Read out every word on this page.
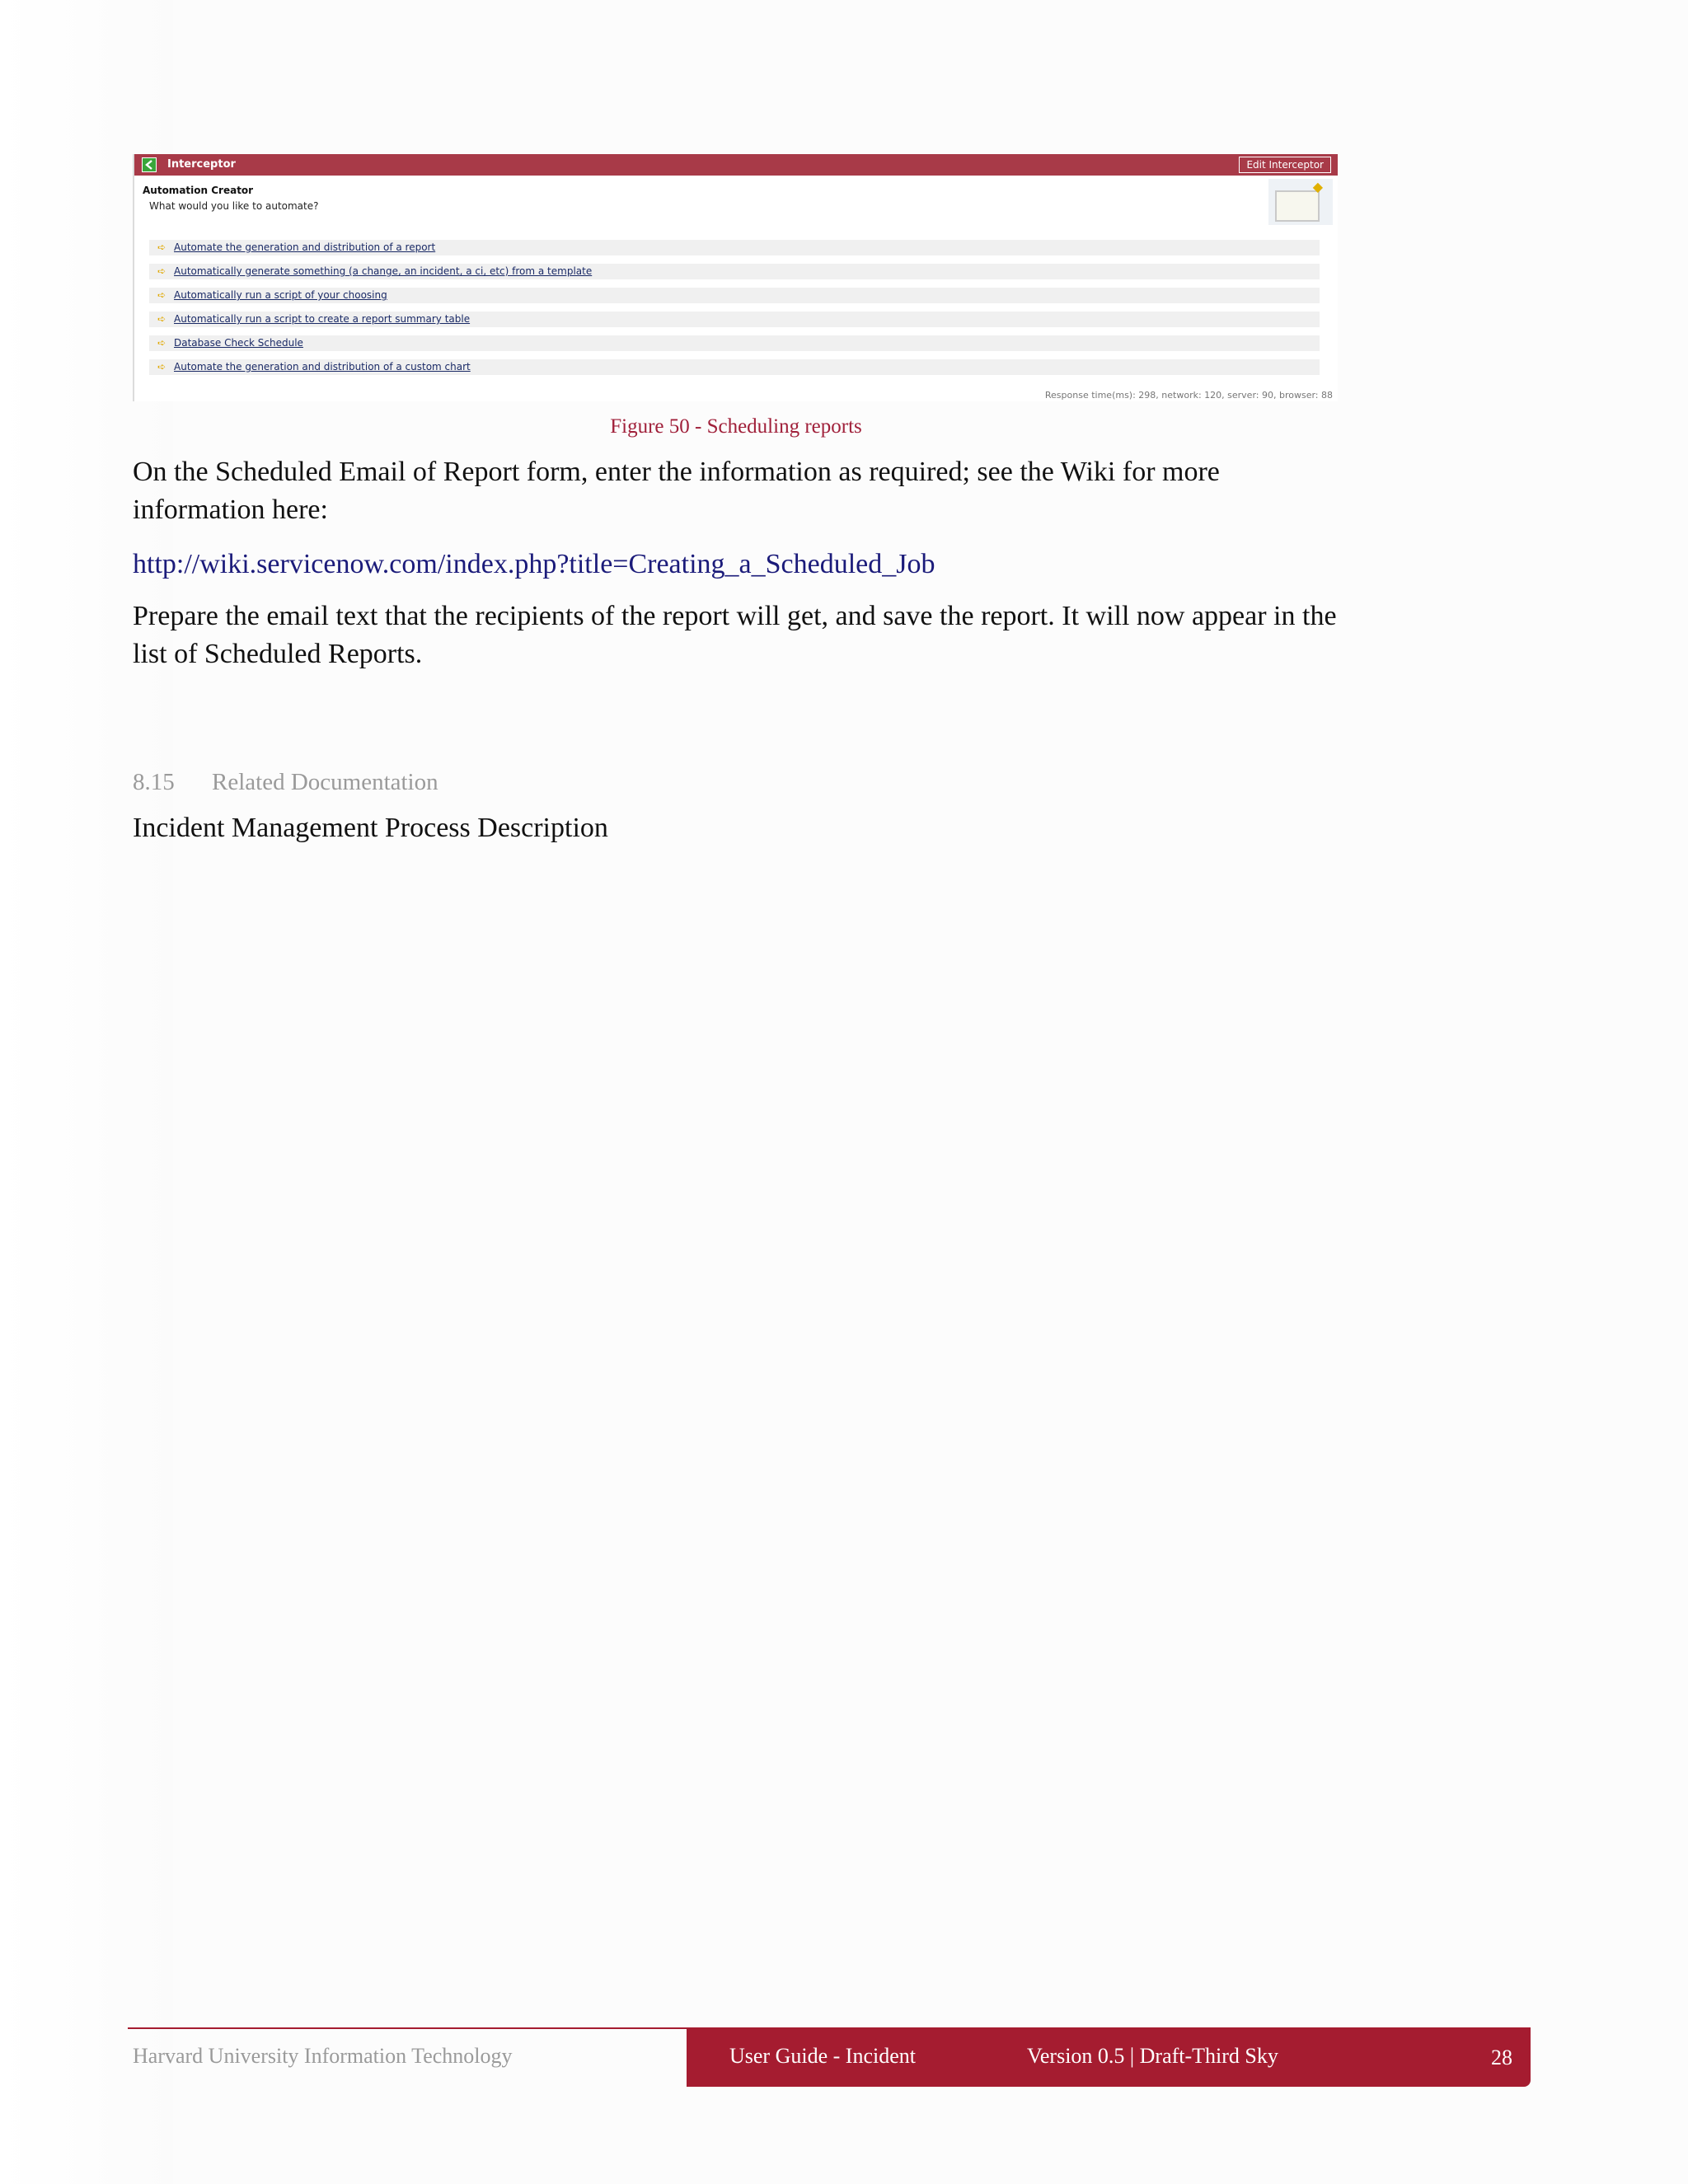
Interceptor	Edit Interceptor
Automation Creator
What would you like to automate?
◆
➪ Automate the generation and distribution of a report
➪ Automatically generate something (a change, an incident, a ci, etc) from a template
➪ Automatically run a script of your choosing
➪ Automatically run a script to create a report summary table
➪ Database Check Schedule
➪ Automate the generation and distribution of a custom chart
Response time(ms): 298, network: 120, server: 90, browser: 88
Figure 50 - Scheduling reports
On the Scheduled Email of Report form, enter the information as required; see the Wiki for more information here:
http://wiki.servicenow.com/index.php?title=Creating_a_Scheduled_Job
Prepare the email text that the recipients of the report will get, and save the report. It will now appear in the list of Scheduled Reports.
8.15 Related Documentation
Incident Management Process Description
Harvard University Information Technology	User Guide - Incident	Version 0.5 | Draft-Third Sky	28
